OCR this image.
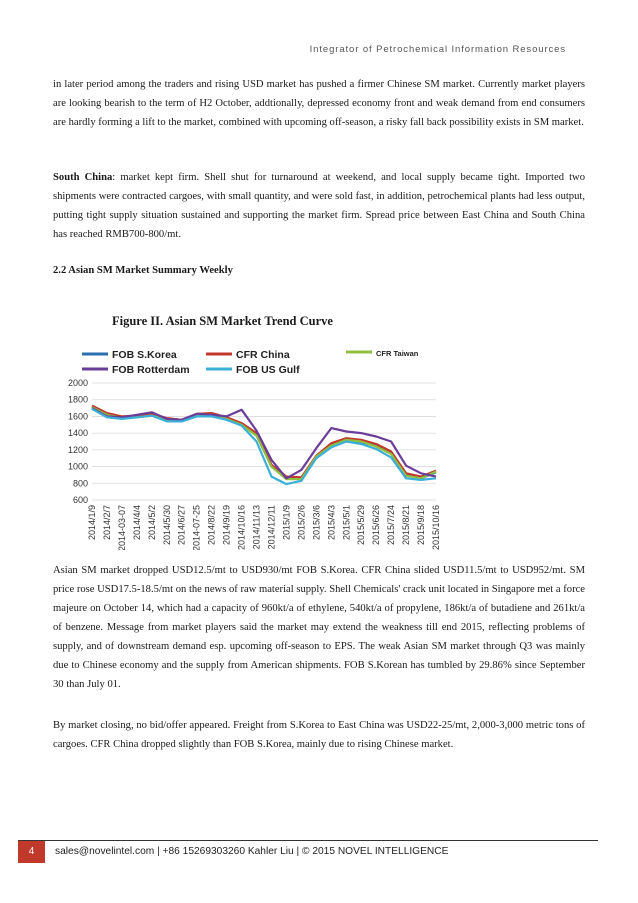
Integrator of Petrochemical Information Resources

in later period among the traders and rising USD market has pushed a firmer Chinese SM market. Currently market players are looking bearish to the term of H2 October, addtionally, depressed economy front and weak demand from end consumers are hardly forming a lift to the market, combined with upcoming off-season, a risky fall back possibility exists in SM market.

South China: market kept firm. Shell shut for turnaround at weekend, and local supply became tight. Imported two shipments were contracted cargoes, with small quantity, and were sold fast, in addition, petrochemical plants had less output, putting tight supply situation sustained and supporting the market firm. Spread price between East China and South China has reached RMB700-800/mt.

2.2 Asian SM Market Summary Weekly
Figure II. Asian SM Market Trend Curve
2000
1800
1600
1400
1200
1000
800
600
2014/1/9 2014/2/7 2014-03-07 2014/4/4 2014/5/2 2014/5/30 2014/6/27 2014-07-25 2014/8/22 2014/9/19 2014/10/16 2014/11/13 2014/12/11 2015/1/9 2015/2/6 2015/3/6 2015/4/3 2015/5/1 2015/5/29 2015/6/26 2015/7/24 2015/8/21 2015/9/18 2015/10/16
FOB S.Korea	CFR China	CFR Taiwan
FOB Rotterdam	FOB US Gulf

Asian SM market dropped USD12.5/mt to USD930/mt FOB S.Korea. CFR China slided USD11.5/mt to USD952/mt. SM price rose USD17.5-18.5/mt on the news of raw material supply. Shell Chemicals' crack unit located in Singapore met a force majeure on October 14, which had a capacity of 960kt/a of ethylene, 540kt/a of propylene, 186kt/a of butadiene and 261kt/a of benzene. Message from market players said the market may extend the weakness till end 2015, reflecting problems of supply, and of downstream demand esp. upcoming off-season to EPS. The weak Asian SM market through Q3 was mainly due to Chinese economy and the supply from American shipments. FOB S.Korean has tumbled by 29.86% since September 30 than July 01.

By market closing, no bid/offer appeared. Freight from S.Korea to East China was USD22-25/mt, 2,000-3,000 metric tons of cargoes. CFR China dropped slightly than FOB S.Korea, mainly due to rising Chinese market.

4	sales@novelintel.com | +86 15269303260 Kahler Liu | © 2015 NOVEL INTELLIGENCE
